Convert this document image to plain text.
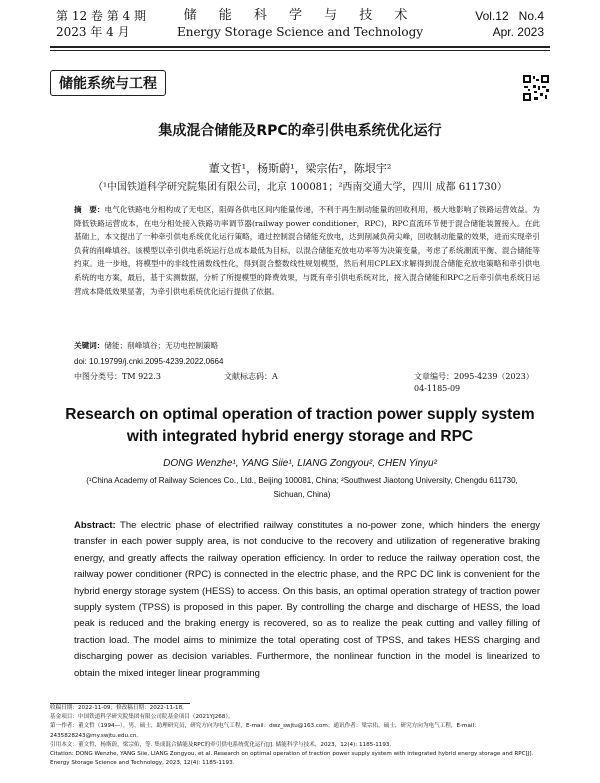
第 12 卷 第 4 期
2023 年 4 月
储 能 科 学 与 技 术
Energy Storage Science and Technology
Vol.12   No.4
Apr. 2023
储能系统与工程
集成混合储能及RPC的牵引供电系统优化运行
董文哲¹，杨斯蔚¹，梁宗佑²，陈垠宇²
（¹中国铁道科学研究院集团有限公司，北京 100081；²西南交通大学，四川 成都 611730）
摘　要：电气化铁路电分相构成了无电区，阻碍各供电区间内能量传递，不利于再生制动能量的回收利用，极大地影响了铁路运营效益。为降低铁路运营成本，在电分相处接入铁路功率调节器(railway power conditioner，RPC)，RPC直流环节便于混合储能装置接入。在此基础上，本文提出了一种牵引供电系统优化运行策略，通过控制混合储能充放电，达到削减负荷尖峰，回收制动能量的效果，进而实现牵引负荷的削峰填谷。该模型以牵引供电系统运行总成本最低为目标，以混合储能充放电功率等为决策变量，考虑了系统潮流平衡、混合储能等约束。进一步地，将模型中的非线性函数线性化，得到混合整数线性规划模型，然后利用CPLEX求解得到混合储能充放电策略和牵引供电系统的电方案，最后，基于实测数据，分析了所提模型的降费效果，与既有牵引供电系统对比，接入混合储能和RPC之后牵引供电系统日运营成本降低效果显著，为牵引供电系统优化运行提供了依据。
关键词：储能；削峰填谷；无功电控制策略
doi: 10.19799/j.cnki.2095-4239.2022.0664
中图分类号：TM 922.3	文献标志码：A	文章编号：2095-4239（2023）04-1185-09
Research on optimal operation of traction power supply system with integrated hybrid energy storage and RPC
DONG Wenzhe¹, YANG Siie¹, LIANG Zongyou², CHEN Yinyu²
(¹China Academy of Railway Sciences Co., Ltd., Beijing 100081, China; ²Southwest Jiaotong University, Chengdu 611730, Sichuan, China)
Abstract: The electric phase of electrified railway constitutes a no-power zone, which hinders the energy transfer in each power supply area, is not conducive to the recovery and utilization of regenerative braking energy, and greatly affects the railway operation efficiency. In order to reduce the railway operation cost, the railway power conditioner (RPC) is connected in the electric phase, and the RPC DC link is convenient for the hybrid energy storage system (HESS) to access. On this basis, an optimal operation strategy of traction power supply system (TPSS) is proposed in this paper. By controlling the charge and discharge of HESS, the load peak is reduced and the braking energy is recovered, so as to realize the peak cutting and valley filling of traction load. The model aims to minimize the total operating cost of TPSS, and takes HESS charging and discharging power as decision variables. Furthermore, the nonlinear function in the model is linearized to obtain the mixed integer linear programming
收稿日期：2022-11-09；修改稿日期：2022-11-18。
基金项目：中国铁道科学研究院集团有限公司院基金项目（2021YJ268）。
第一作者：董文哲（1994—），男，硕士，助理研究员，研究方向为电气工程，E-mail：dwz_swjtu@163.com；通讯作者：梁宗佑，硕士，研究方向为电气工程，E-mail：2435828243@my.swjtu.edu.cn。
引用本文：董文哲，杨斯蔚，梁宗佑，等. 集成混合储能及RPC的牵引供电系统优化运行[J]. 储能科学与技术，2023，12(4): 1185-1193.
Citation: DONG Wenzhe, YANG Siie, LIANG Zongyou, et al. Research on optimal operation of traction power supply system with integrated hybrid energy storage and RPC[J]. Energy Storage Science and Technology, 2023, 12(4): 1185-1193.
